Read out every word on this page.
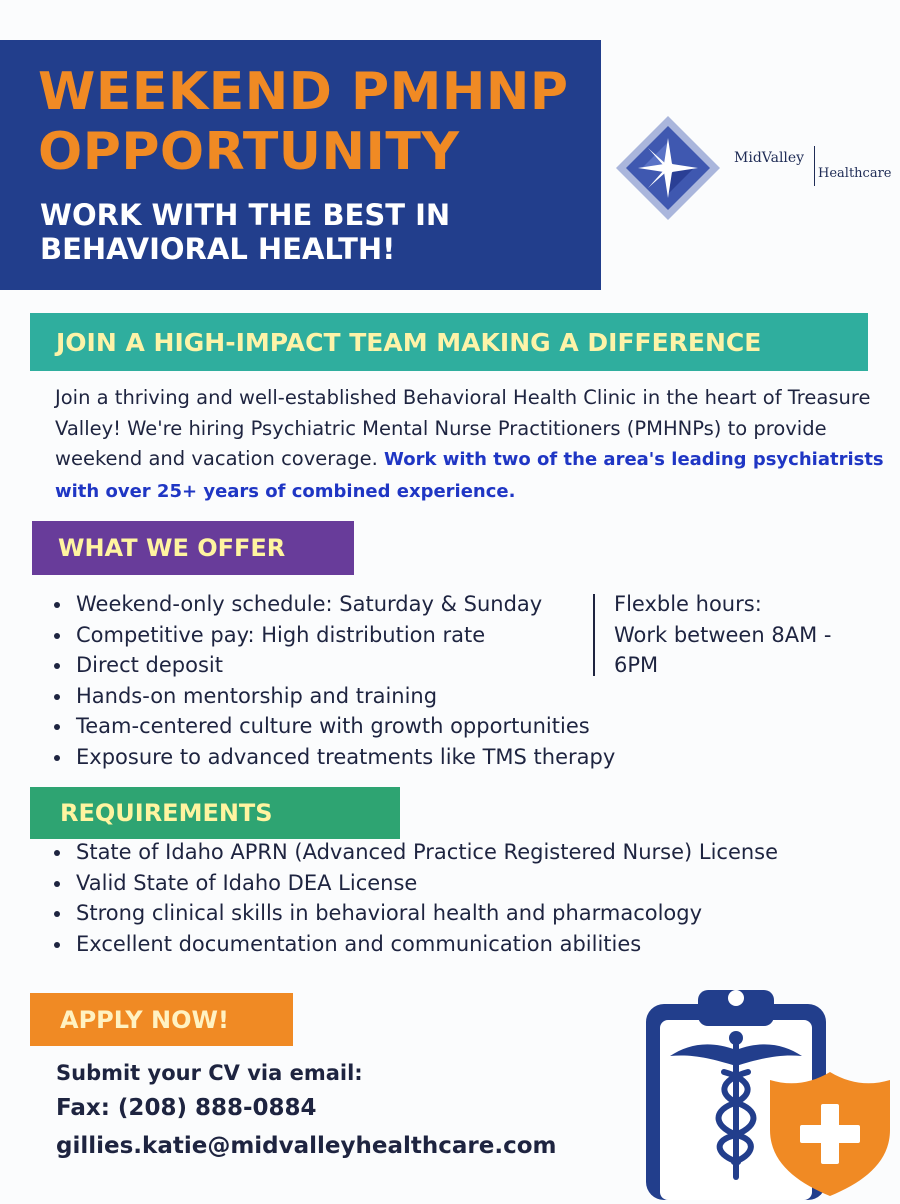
WEEKEND PMHNP
OPPORTUNITY
WORK WITH THE BEST IN
BEHAVIORAL HEALTH!
MidValley
Healthcare
JOIN A HIGH-IMPACT TEAM MAKING A DIFFERENCE
Join a thriving and well-established Behavioral Health Clinic in the heart of Treasure Valley! We're hiring Psychiatric Mental Nurse Practitioners (PMHNPs) to provide weekend and vacation coverage. Work with two of the area's leading psychiatrists with over 25+ years of combined experience.
WHAT WE OFFER
Weekend-only schedule: Saturday & Sunday
Competitive pay: High distribution rate
Direct deposit
Hands-on mentorship and training
Team-centered culture with growth opportunities
Exposure to advanced treatments like TMS therapy
Flexble hours:
Work between 8AM - 6PM
REQUIREMENTS
State of Idaho APRN (Advanced Practice Registered Nurse) License
Valid State of Idaho DEA License
Strong clinical skills in behavioral health and pharmacology
Excellent documentation and communication abilities
APPLY NOW!
Submit your CV via email:
Fax: (208) 888-0884
gillies.katie@midvalleyhealthcare.com
